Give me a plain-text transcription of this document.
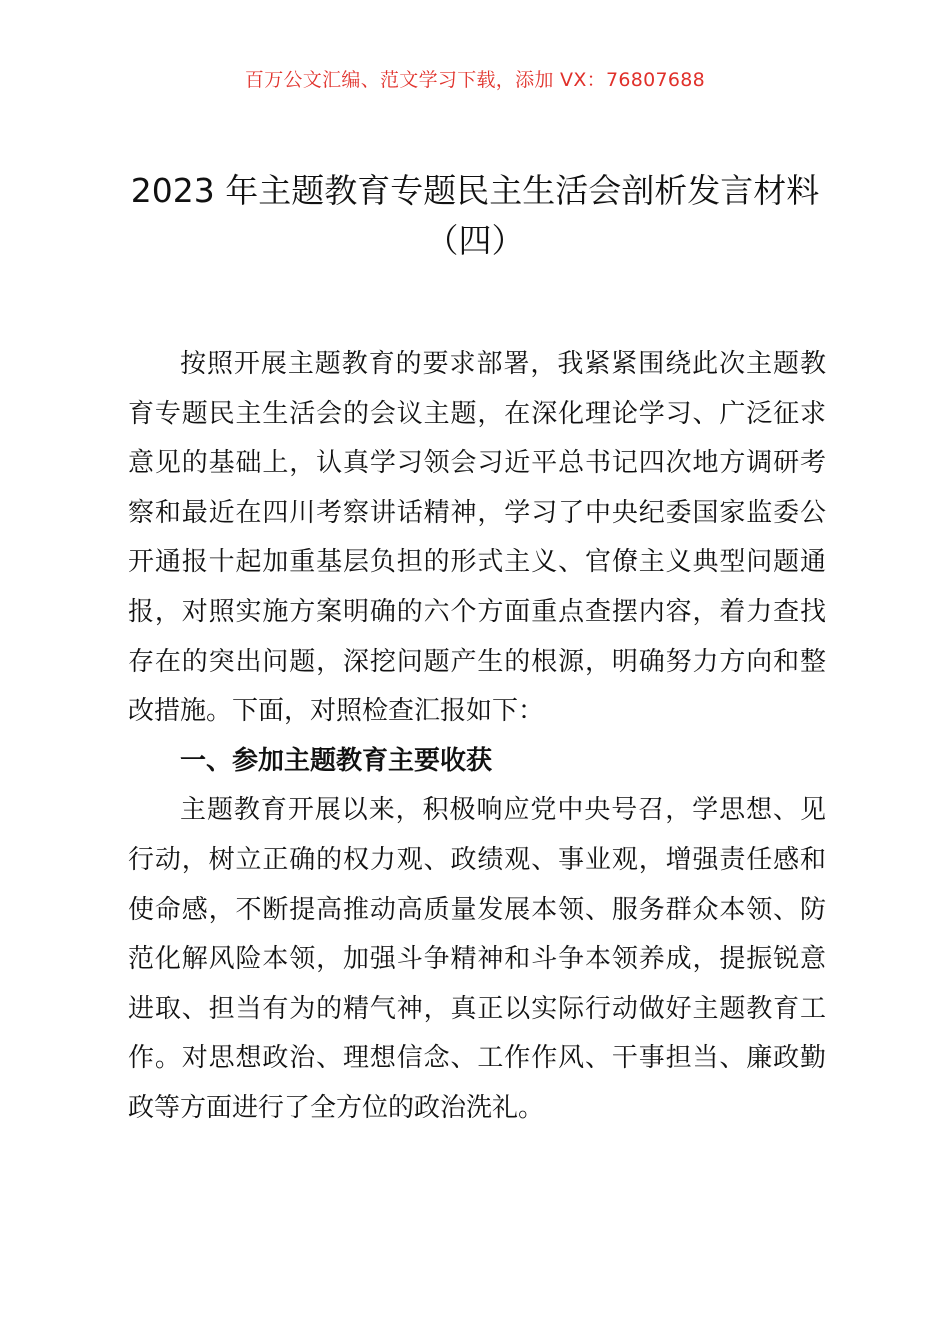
百万公文汇编、范文学习下载，添加 VX：76807688
2023 年主题教育专题民主生活会剖析发言材料（四）

按照开展主题教育的要求部署，我紧紧围绕此次主题教育专题民主生活会的会议主题，在深化理论学习、广泛征求意见的基础上，认真学习领会习近平总书记四次地方调研考察和最近在四川考察讲话精神，学习了中央纪委国家监委公开通报十起加重基层负担的形式主义、官僚主义典型问题通报，对照实施方案明确的六个方面重点查摆内容，着力查找存在的突出问题，深挖问题产生的根源，明确努力方向和整改措施。下面，对照检查汇报如下：

一、参加主题教育主要收获

主题教育开展以来，积极响应党中央号召，学思想、见行动，树立正确的权力观、政绩观、事业观，增强责任感和使命感，不断提高推动高质量发展本领、服务群众本领、防范化解风险本领，加强斗争精神和斗争本领养成，提振锐意进取、担当有为的精气神，真正以实际行动做好主题教育工作。对思想政治、理想信念、工作作风、干事担当、廉政勤政等方面进行了全方位的政治洗礼。
